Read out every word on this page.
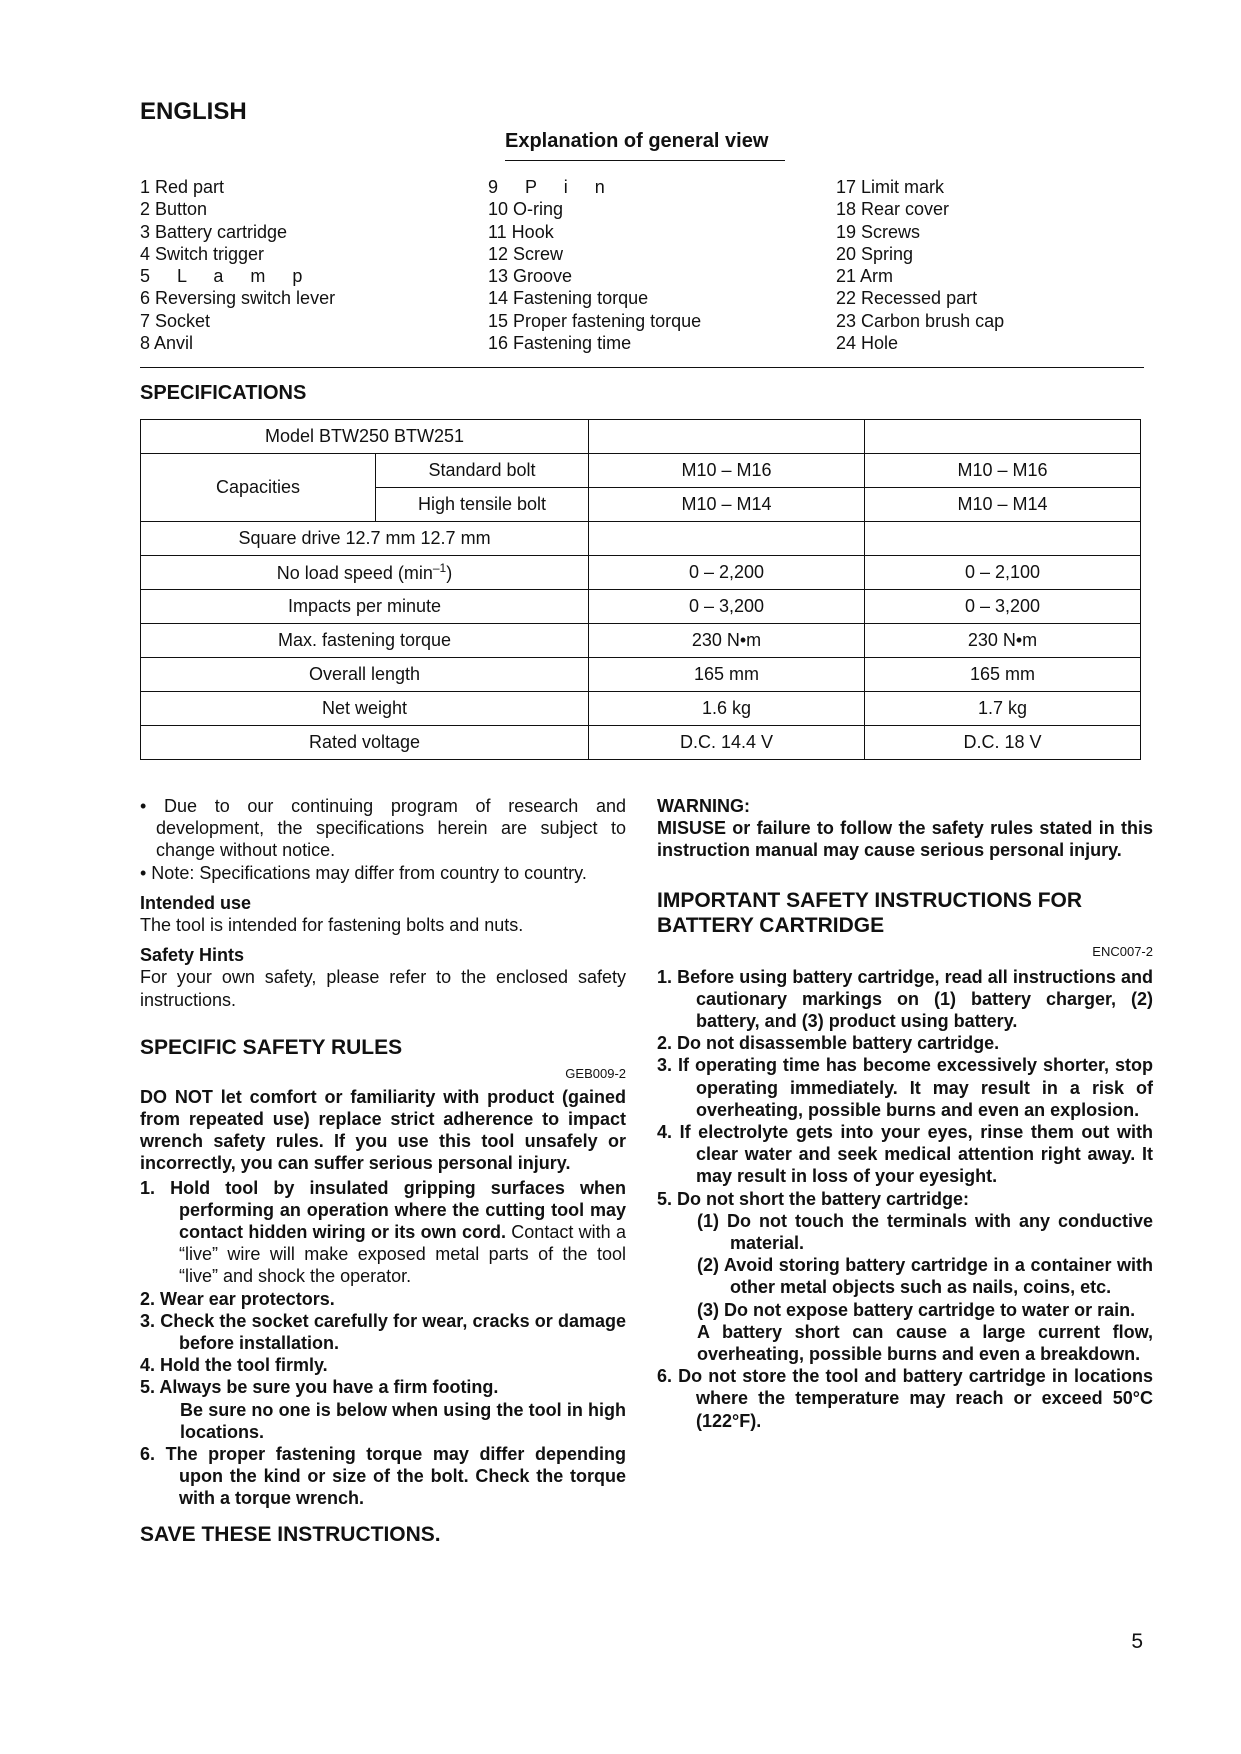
ENGLISH
Explanation of general view
1 Red part
2 Button
3 Battery cartridge
4 Switch trigger
5 L a m p
6 Reversing switch lever
7 Socket
8 Anvil
9 P i n
10 O-ring
11 Hook
12 Screw
13 Groove
14 Fastening torque
15 Proper fastening torque
16 Fastening time
17 Limit mark
18 Rear cover
19 Screws
20 Spring
21 Arm
22 Recessed part
23 Carbon brush cap
24 Hole
SPECIFICATIONS
Model BTW250 BTW251			
Capacities	Standard bolt	M10 – M16	M10 – M16
	High tensile bolt	M10 – M14	M10 – M14
Square drive 12.7 mm 12.7 mm			
No load speed $(\min^{-1})$		0 – 2,200	0 – 2,100
Impacts per minute		0 – 3,200	0 – 3,200
Max. fastening torque		230 N•m	230 N•m
Overall length		165 mm	165 mm
Net weight		1.6 kg	1.7 kg
Rated voltage		D.C. 14.4 V	D.C. 18 V
• Due to our continuing program of research and development, the specifications herein are subject to change without notice.
• Note: Specifications may differ from country to country.
Intended use
The tool is intended for fastening bolts and nuts.
Safety Hints
For your own safety, please refer to the enclosed safety instructions.
SPECIFIC SAFETY RULES
GEB009-2
DO NOT let comfort or familiarity with product (gained from repeated use) replace strict adherence to impact wrench safety rules. If you use this tool unsafely or incorrectly, you can suffer serious personal injury.
1. Hold tool by insulated gripping surfaces when performing an operation where the cutting tool may contact hidden wiring or its own cord. Contact with a “live” wire will make exposed metal parts of the tool “live” and shock the operator.
2. Wear ear protectors.
3. Check the socket carefully for wear, cracks or damage before installation.
4. Hold the tool firmly.
5. Always be sure you have a firm footing.
Be sure no one is below when using the tool in high locations.
6. The proper fastening torque may differ depending upon the kind or size of the bolt. Check the torque with a torque wrench.
SAVE THESE INSTRUCTIONS.
WARNING:
MISUSE or failure to follow the safety rules stated in this instruction manual may cause serious personal injury.
IMPORTANT SAFETY INSTRUCTIONS FOR BATTERY CARTRIDGE
ENC007-2
1. Before using battery cartridge, read all instructions and cautionary markings on (1) battery charger, (2) battery, and (3) product using battery.
2. Do not disassemble battery cartridge.
3. If operating time has become excessively shorter, stop operating immediately. It may result in a risk of overheating, possible burns and even an explosion.
4. If electrolyte gets into your eyes, rinse them out with clear water and seek medical attention right away. It may result in loss of your eyesight.
5. Do not short the battery cartridge:
(1) Do not touch the terminals with any conductive material.
(2) Avoid storing battery cartridge in a container with other metal objects such as nails, coins, etc.
(3) Do not expose battery cartridge to water or rain.
A battery short can cause a large current flow, overheating, possible burns and even a breakdown.
6. Do not store the tool and battery cartridge in locations where the temperature may reach or exceed 50°C (122°F).
5
